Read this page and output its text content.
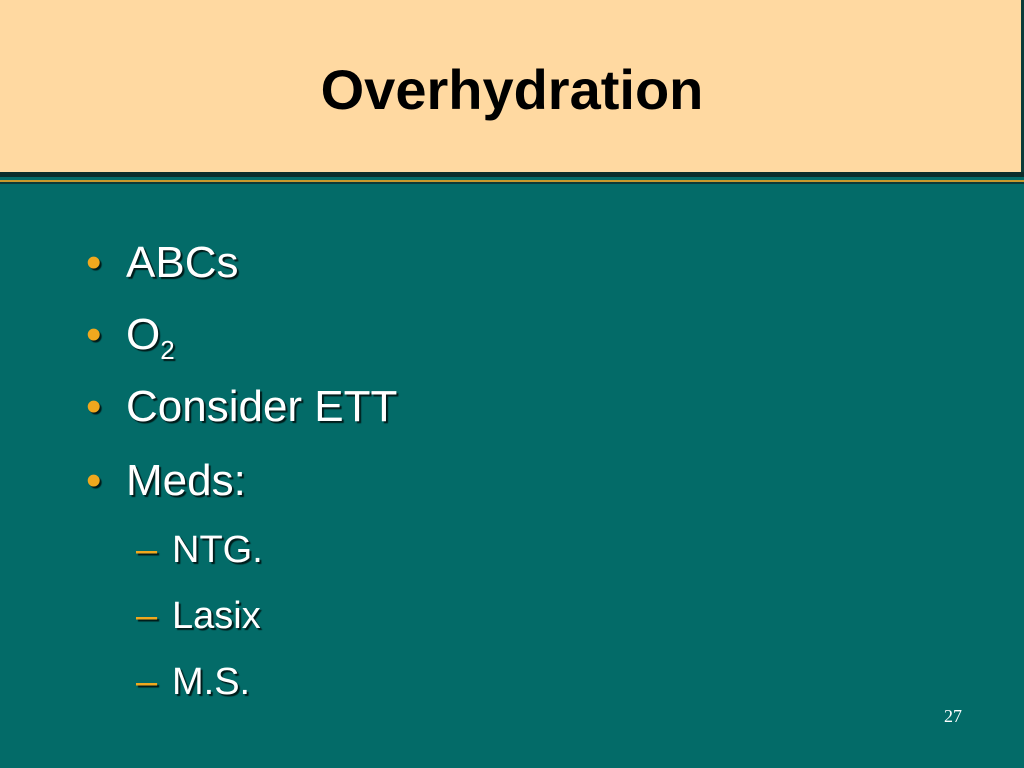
Overhydration
• ABCs
• $O_2$
• Consider ETT
• Meds:
– NTG.
– Lasix
– M.S.
27
